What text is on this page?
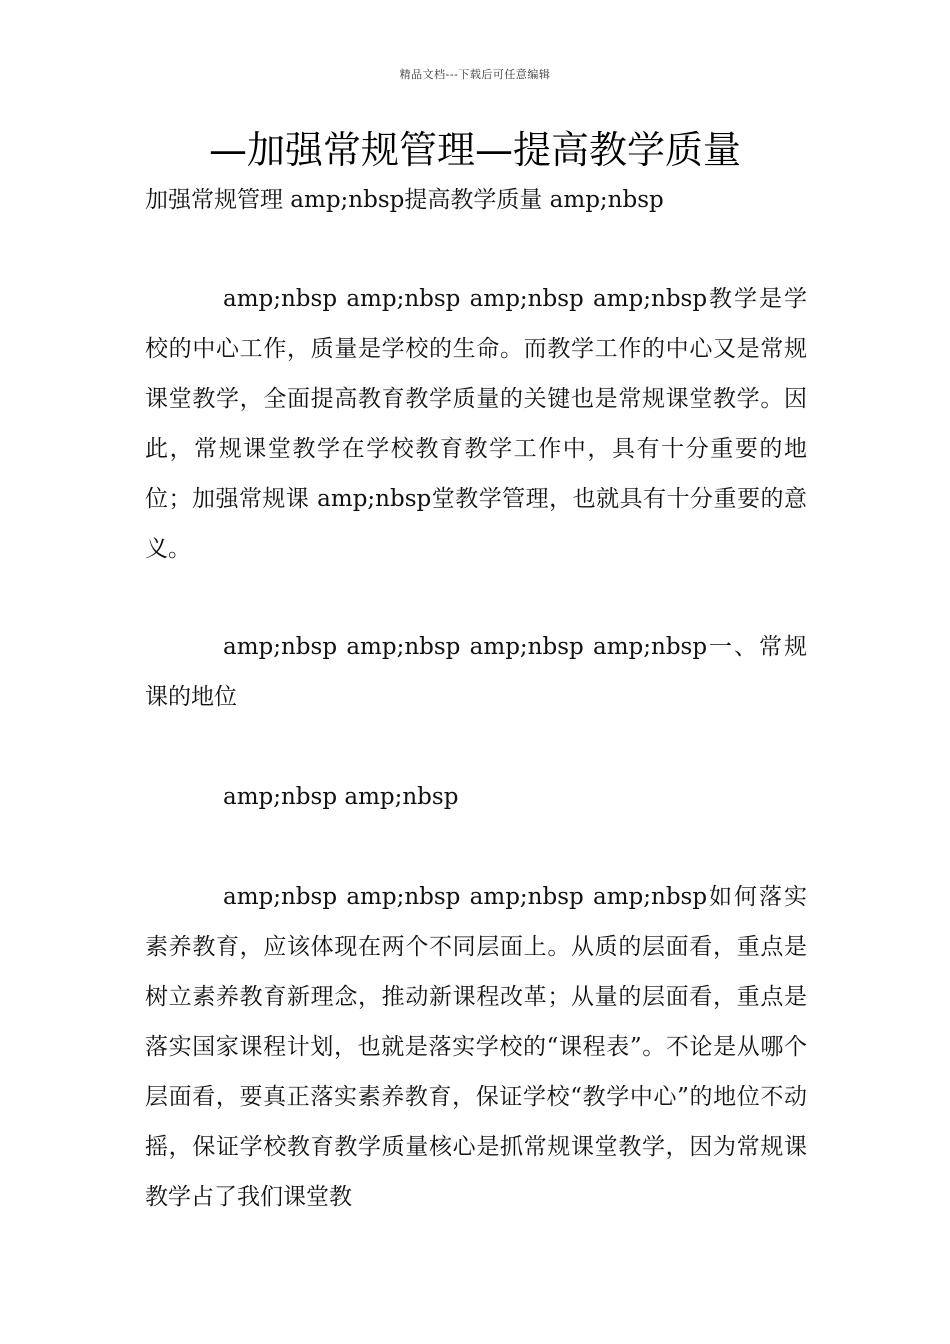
精品文档---下载后可任意编辑
—加强常规管理—提高教学质量

加强常规管理 amp;nbsp提高教学质量 amp;nbsp

amp;nbsp amp;nbsp amp;nbsp amp;nbsp教学是学校的中心工作，质量是学校的生命。而教学工作的中心又是常规课堂教学，全面提高教育教学质量的关键也是常规课堂教学。因此，常规课堂教学在学校教育教学工作中，具有十分重要的地位；加强常规课 amp;nbsp堂教学管理，也就具有十分重要的意义。

amp;nbsp amp;nbsp amp;nbsp amp;nbsp一、常规课的地位

amp;nbsp amp;nbsp

amp;nbsp amp;nbsp amp;nbsp amp;nbsp如何落实素养教育，应该体现在两个不同层面上。从质的层面看，重点是树立素养教育新理念，推动新课程改革；从量的层面看，重点是落实国家课程计划，也就是落实学校的“课程表”。不论是从哪个层面看，要真正落实素养教育，保证学校“教学中心”的地位不动摇，保证学校教育教学质量核心是抓常规课堂教学，因为常规课教学占了我们课堂教
